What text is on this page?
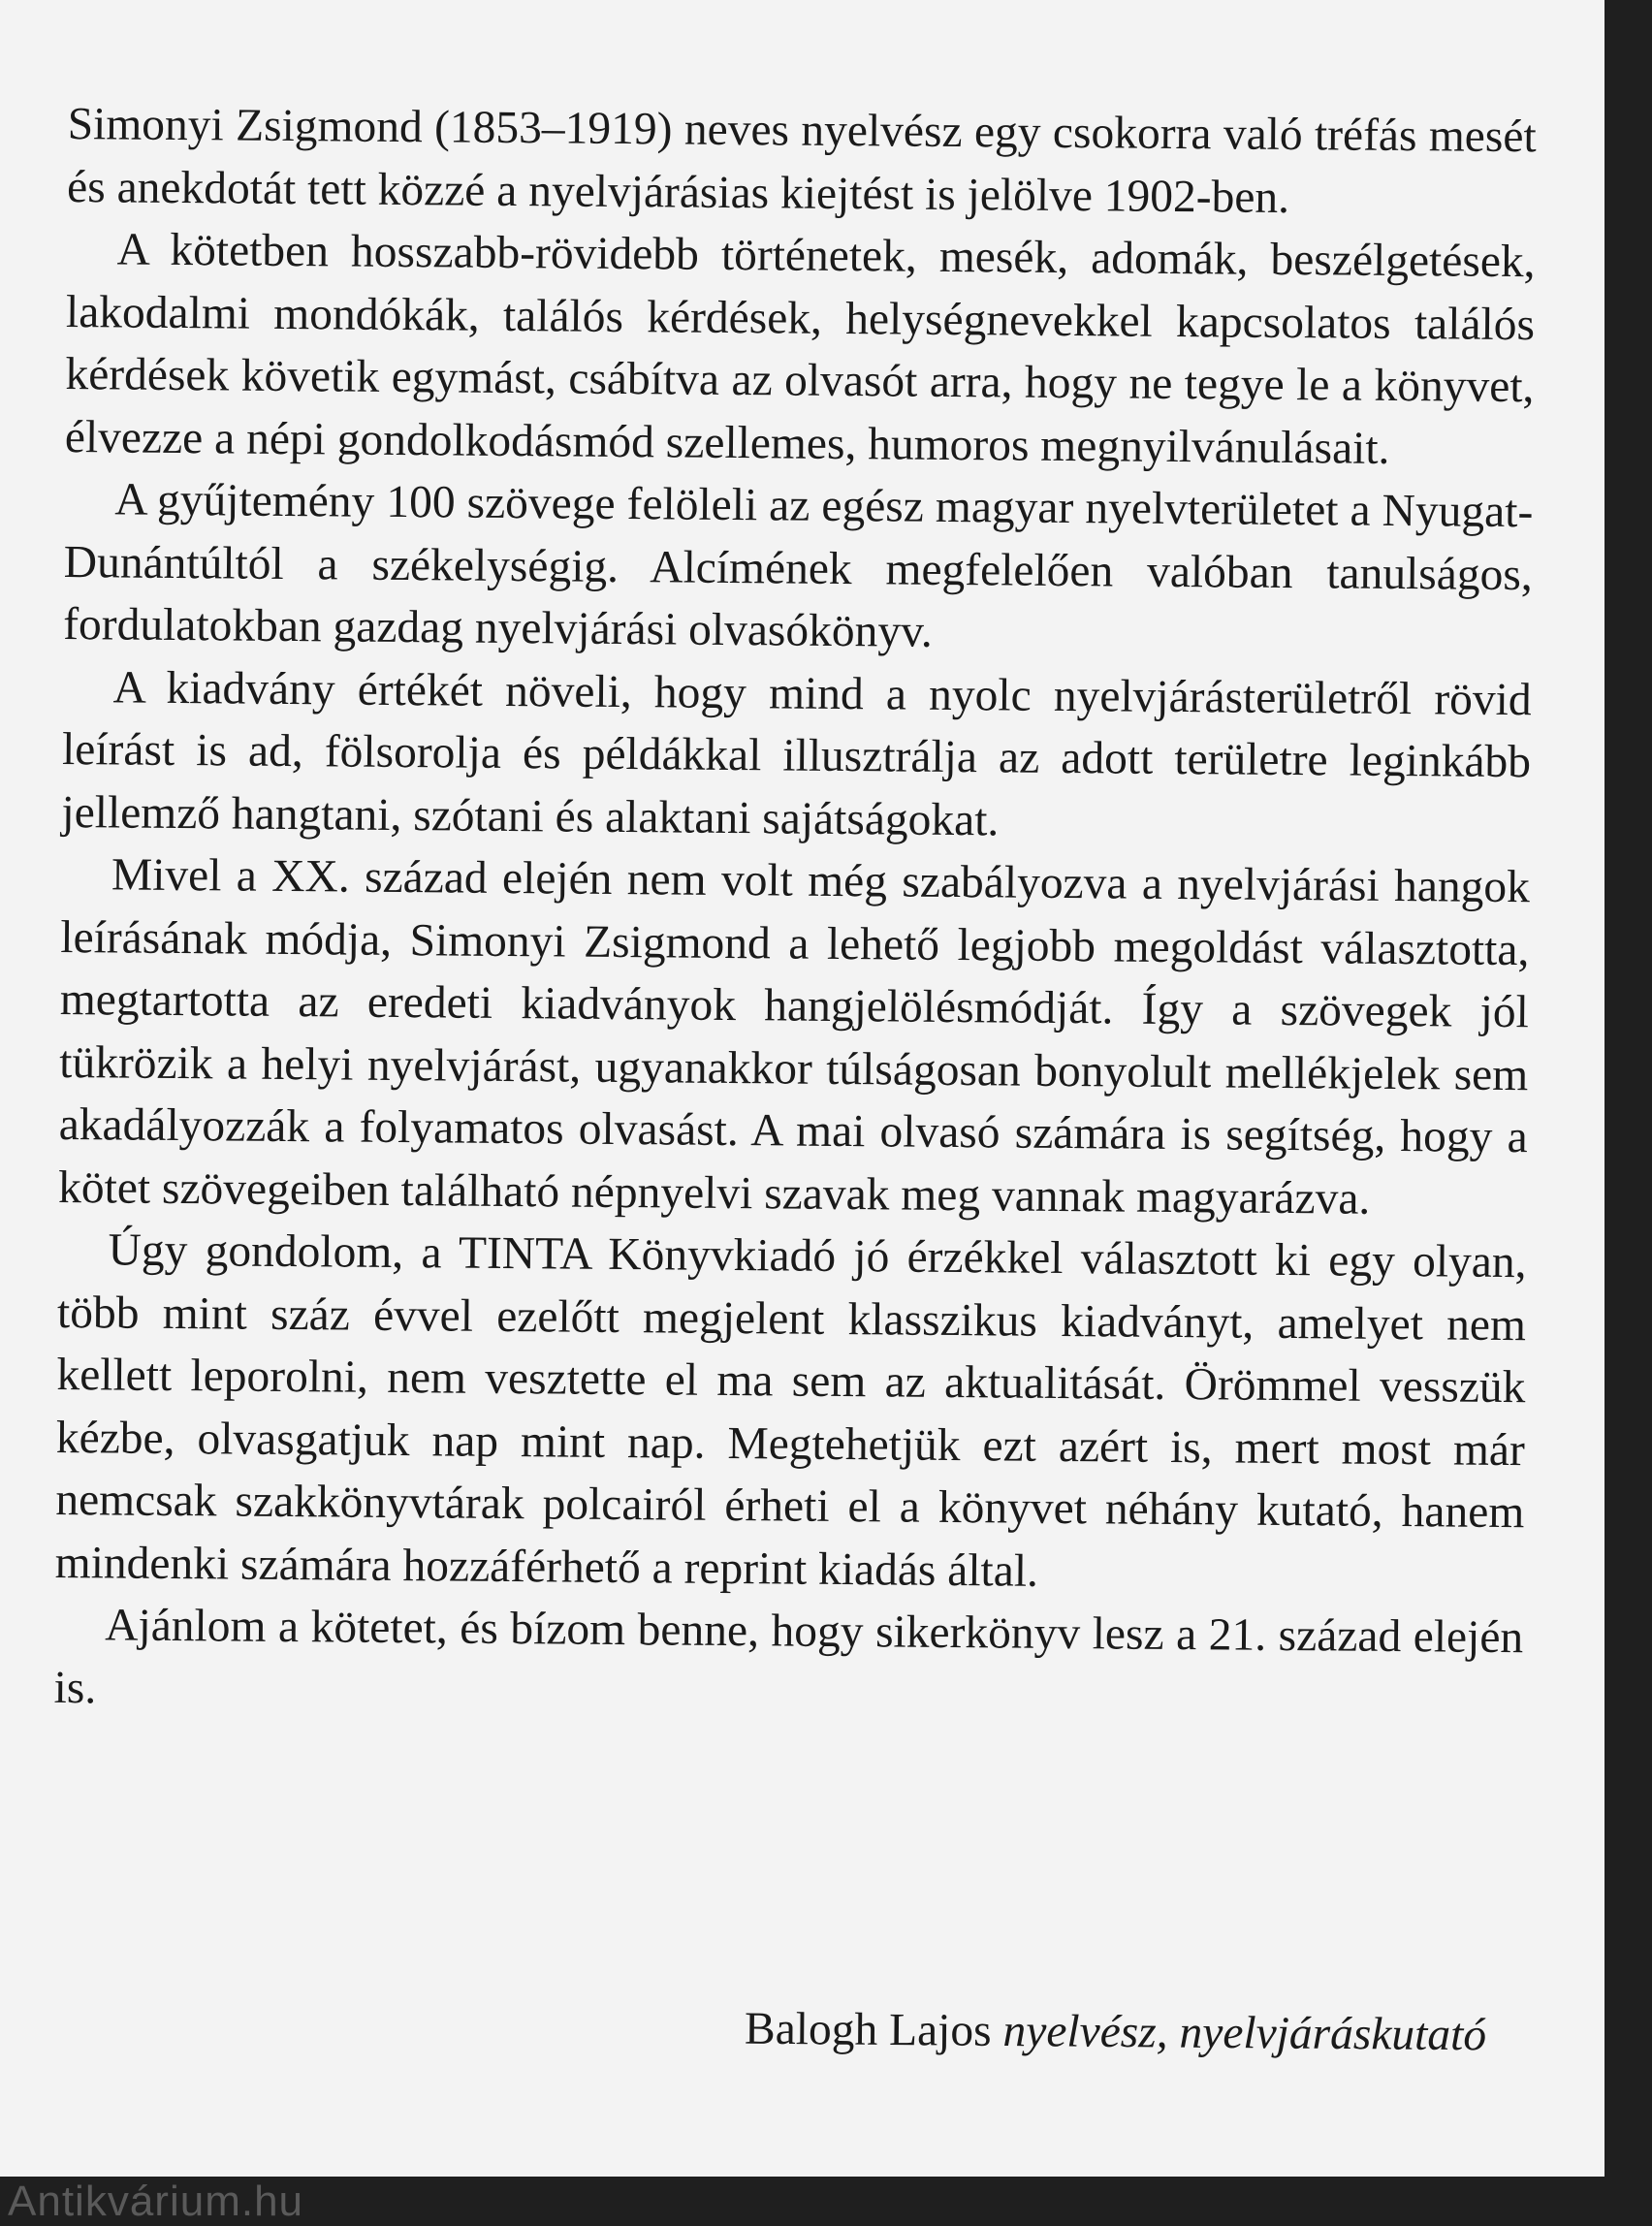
Simonyi Zsigmond (1853–1919) neves nyelvész egy csokorra való tréfás mesét és anekdotát tett közzé a nyelvjárásias kiejtést is jelölve 1902-ben.

A kötetben hosszabb-rövidebb történetek, mesék, adomák, beszélgetések, lakodalmi mondókák, találós kérdések, helységnevekkel kapcsolatos találós kérdések követik egymást, csábítva az olvasót arra, hogy ne tegye le a könyvet, élvezze a népi gondolkodásmód szellemes, humoros megnyilvánulásait.

A gyűjtemény 100 szövege felöleli az egész magyar nyelvterületet a Nyugat-Dunántúltól a székelységig. Alcímének megfelelően valóban tanulságos, fordulatokban gazdag nyelvjárási olvasókönyv.

A kiadvány értékét növeli, hogy mind a nyolc nyelvjárásterületről rövid leírást is ad, fölsorolja és példákkal illusztrálja az adott területre leginkább jellemző hangtani, szótani és alaktani sajátságokat.

Mivel a XX. század elején nem volt még szabályozva a nyelvjárási hangok leírásának módja, Simonyi Zsigmond a lehető legjobb megoldást választotta, megtartotta az eredeti kiadványok hangjelölésmódját. Így a szövegek jól tükrözik a helyi nyelvjárást, ugyanakkor túlságosan bonyolult mellékjelek sem akadályozzák a folyamatos olvasást. A mai olvasó számára is segítség, hogy a kötet szövegeiben található népnyelvi szavak meg vannak magyarázva.

Úgy gondolom, a TINTA Könyvkiadó jó érzékkel választott ki egy olyan, több mint száz évvel ezelőtt megjelent klasszikus kiadványt, amelyet nem kellett leporolni, nem vesztette el ma sem az aktualitását. Örömmel vesszük kézbe, olvasgatjuk nap mint nap. Megtehetjük ezt azért is, mert most már nemcsak szakkönyvtárak polcairól érheti el a könyvet néhány kutató, hanem mindenki számára hozzáférhető a reprint kiadás által.

Ajánlom a kötetet, és bízom benne, hogy sikerkönyv lesz a 21. század elején is.

Balogh Lajos nyelvész, nyelvjáráskutató
Antikvárium.hu
